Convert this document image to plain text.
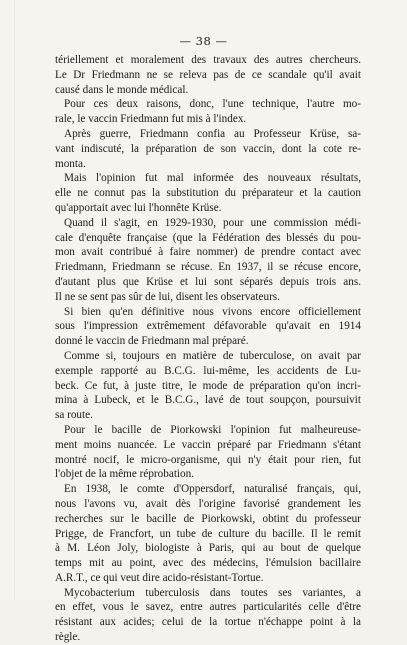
— 38 —
tériellement et moralement des travaux des autres chercheurs.
Le Dr Friedmann ne se releva pas de ce scandale qu'il avait
causé dans le monde médical.
Pour ces deux raisons, donc, l'une technique, l'autre mo-
rale, le vaccin Friedmann fut mis à l'index.
Après guerre, Friedmann confia au Professeur Krüse, sa-
vant indiscuté, la préparation de son vaccin, dont la cote re-
monta.
Mais l'opinion fut mal informée des nouveaux résultats,
elle ne connut pas la substitution du préparateur et la caution
qu'apportait avec lui l'honnête Krüse.
Quand il s'agit, en 1929-1930, pour une commission médi-
cale d'enquête française (que la Fédération des blessés du pou-
mon avait contribué à faire nommer) de prendre contact avec
Friedmann, Friedmann se récuse. En 1937, il se récuse encore,
d'autant plus que Krüse et lui sont séparés depuis trois ans.
Il ne se sent pas sûr de lui, disent les observateurs.
Si bien qu'en définitive nous vivons encore officiellement
sous l'impression extrêmement défavorable qu'avait en 1914
donné le vaccin de Friedmann mal préparé.
Comme si, toujours en matière de tuberculose, on avait par
exemple rapporté au B.C.G. lui-même, les accidents de Lu-
beck. Ce fut, à juste titre, le mode de préparation qu'on incri-
mina à Lubeck, et le B.C.G., lavé de tout soupçon, poursuivit
sa route.
Pour le bacille de Piorkowski l'opinion fut malheureuse-
ment moins nuancée. Le vaccin préparé par Friedmann s'étant
montré nocif, le micro-organisme, qui n'y était pour rien, fut
l'objet de la même réprobation.
En 1938, le comte d'Oppersdorf, naturalisé français, qui,
nous l'avons vu, avait dès l'origine favorisé grandement les
recherches sur le bacille de Piorkowski, obtint du professeur
Prigge, de Francfort, un tube de culture du bacille. Il le remit
à M. Léon Joly, biologiste à Paris, qui au bout de quelque
temps mit au point, avec des médecins, l'émulsion bacillaire
A.R.T., ce qui veut dire acido-résistant-Tortue.
Mycobacterium tuberculosis dans toutes ses variantes, a
en effet, vous le savez, entre autres particularités celle d'être
résistant aux acides; celui de la tortue n'échappe point à la
règle.
